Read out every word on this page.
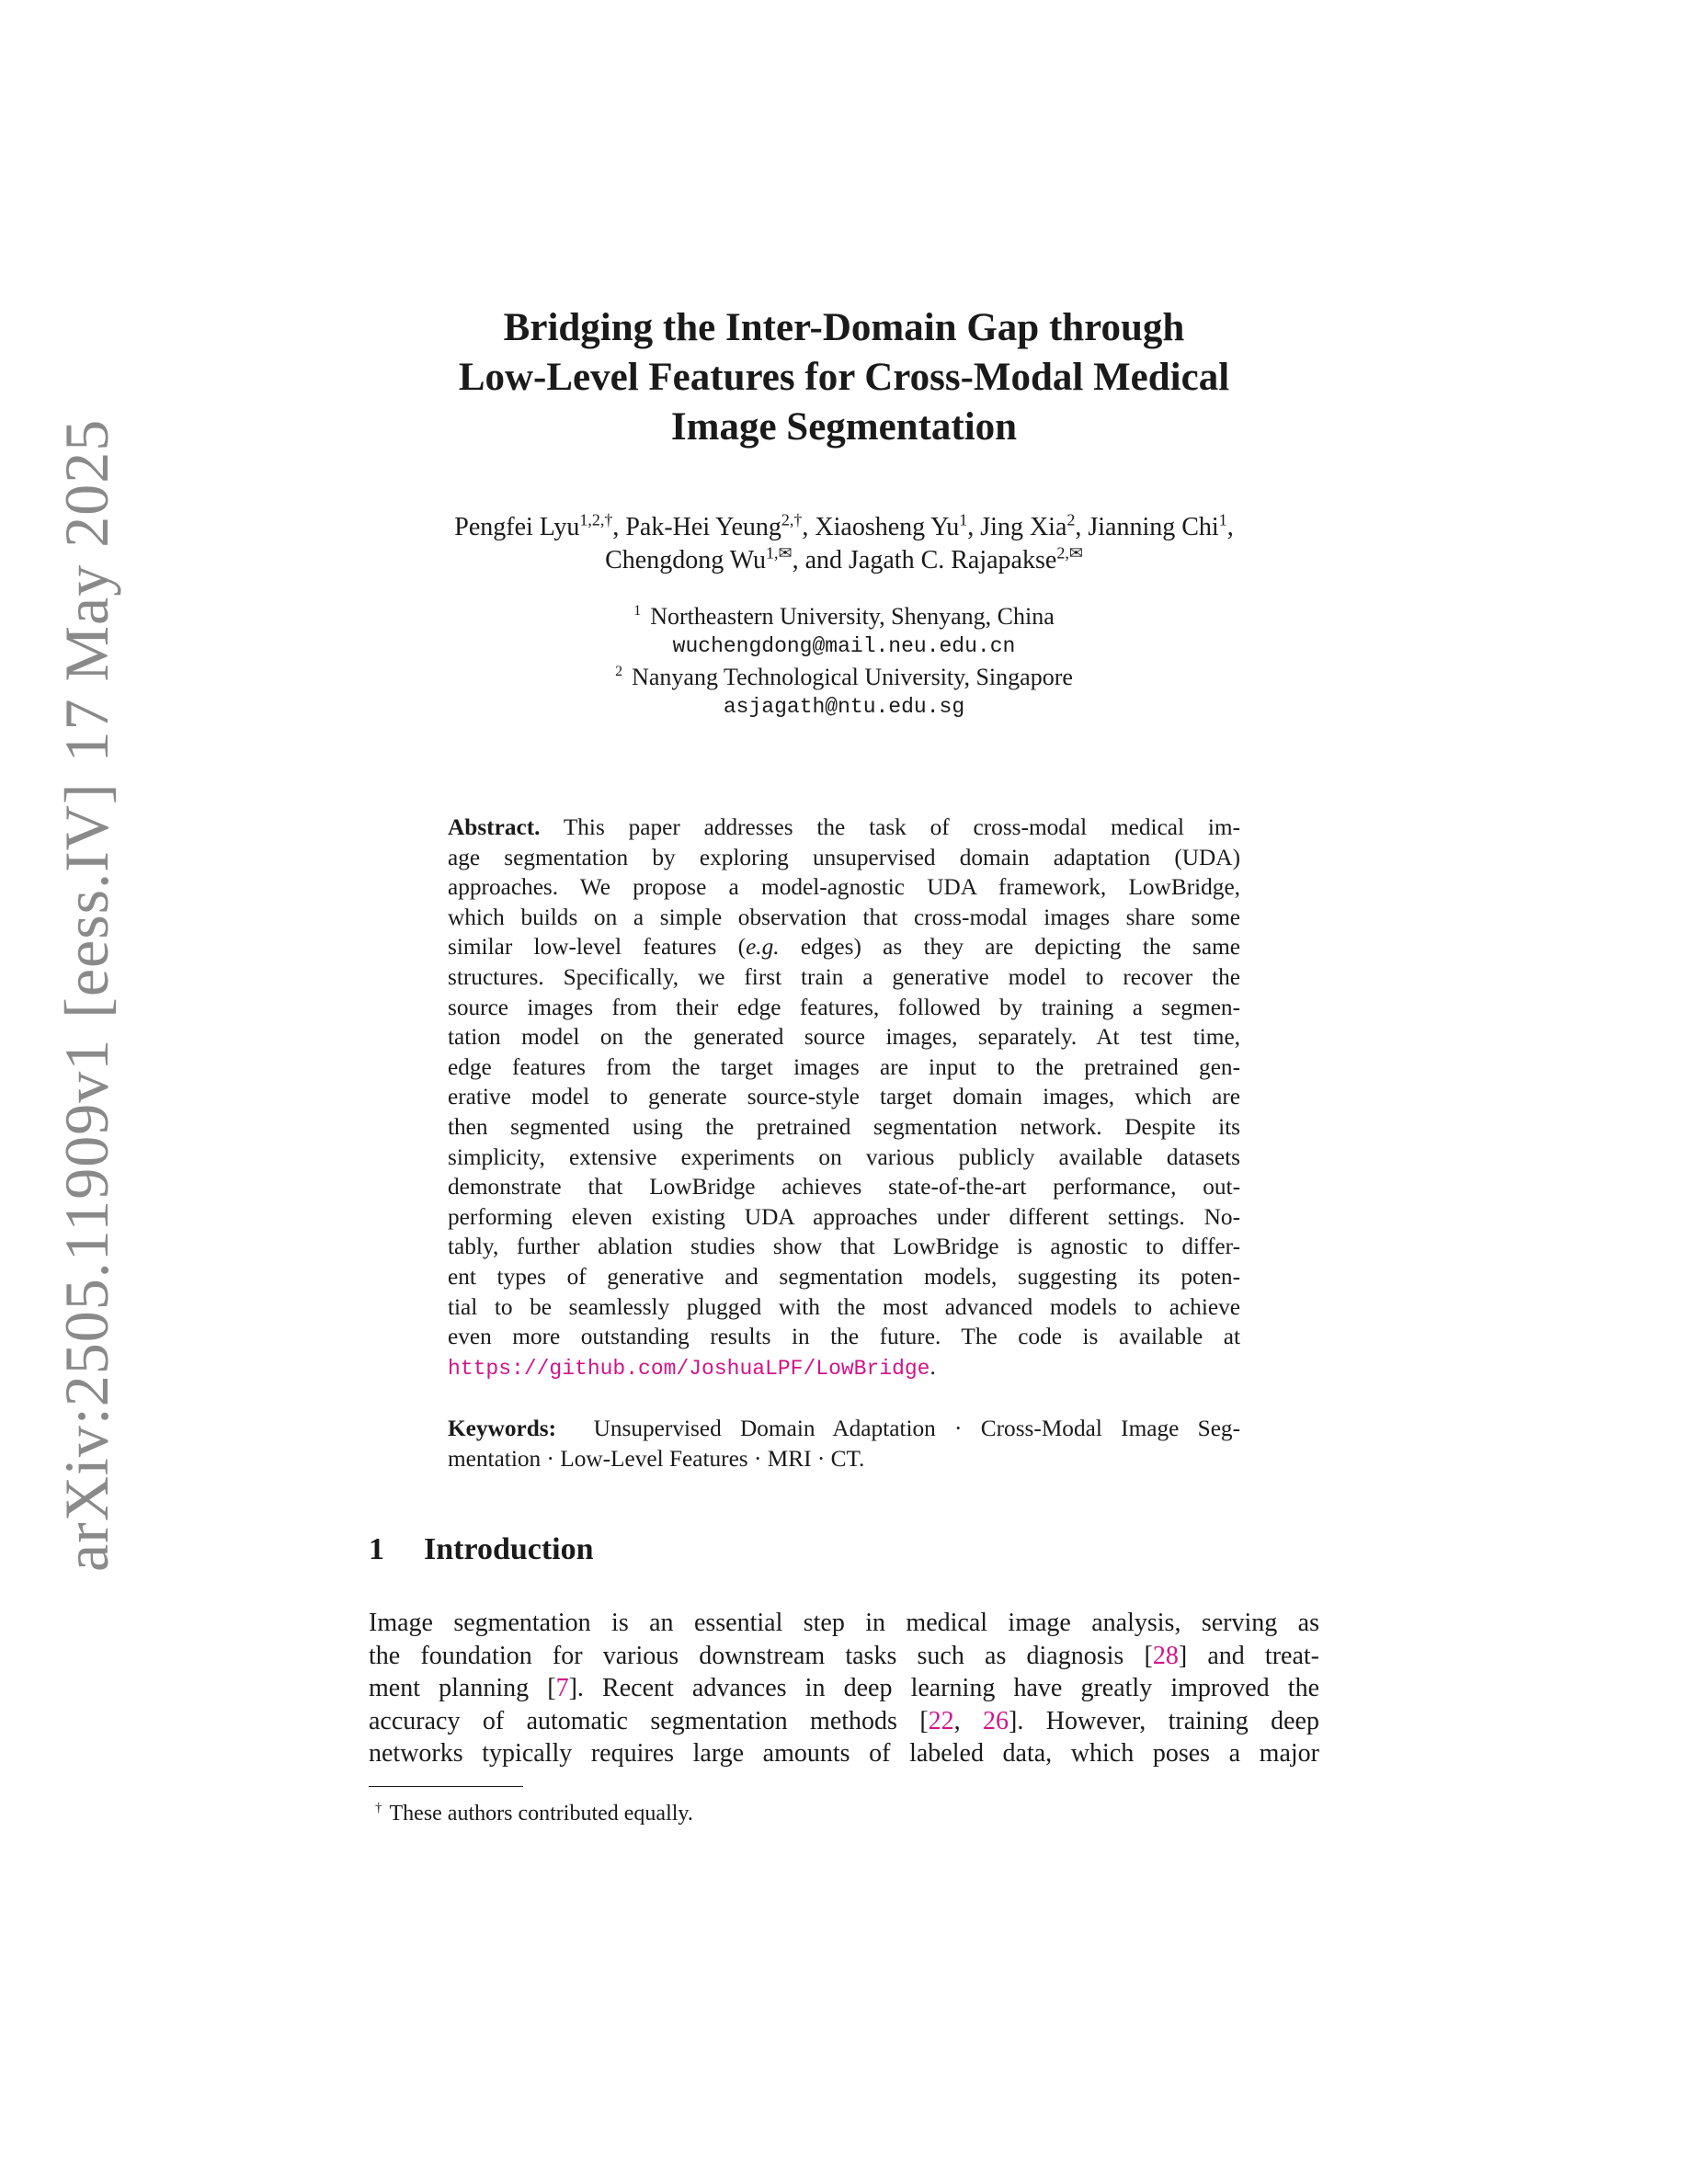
arXiv:2505.11909v1[eess.IV]17 May 2025
Bridging the Inter-Domain Gap through
Low-Level Features for Cross-Modal Medical
Image Segmentation
Pengfei Lyu$^{1,2,\dagger}$, Pak-Hei Yeung$^{2,\dagger}$, Xiaosheng Yu$^1$, Jing Xia$^2$, Jianning Chi$^1$,
Chengdong $Wu^{1,✉}$, and Jagath C. Rajapakse$^{2,✉}$
$^1$ Northeastern University, Shenyang, China
wuchengdong@mail.neu.edu.cn
$^2$ Nanyang Technological University, Singapore
asjagath@ntu.edu.sg
Abstract. This paper addresses the task of cross-modal medical im-
age segmentation by exploring unsupervised domain adaptation (UDA)
approaches. We propose a model-agnostic UDA framework, LowBridge,
which builds on a simple observation that cross-modal images share some
similar low-level features (e.g. edges) as they are depicting the same
structures. Specifically, we first train a generative model to recover the
source images from their edge features, followed by training a segmen-
tation model on the generated source images, separately. At test time,
edge features from the target images are input to the pretrained gen-
erative model to generate source-style target domain images, which are
then segmented using the pretrained segmentation network. Despite its
simplicity, extensive experiments on various publicly available datasets
demonstrate that LowBridge achieves state-of-the-art performance, out-
performing eleven existing UDA approaches under different settings. No-
tably, further ablation studies show that LowBridge is agnostic to differ-
ent types of generative and segmentation models, suggesting its poten-
tial to be seamlessly plugged with the most advanced models to achieve
even more outstanding results in the future. The code is available at
https://github.com/JoshuaLPF/LowBridge.
Keywords: Unsupervised Domain Adaptation · Cross-Modal Image Seg-
mentation · Low-Level Features · MRI · CT.
1 Introduction
Image segmentation is an essential step in medical image analysis, serving as
the foundation for various downstream tasks such as diagnosis [28] and treat-
ment planning [7]. Recent advances in deep learning have greatly improved the
accuracy of automatic segmentation methods [22, 26]. However, training deep
networks typically requires large amounts of labeled data, which poses a major
† These authors contributed equally.
